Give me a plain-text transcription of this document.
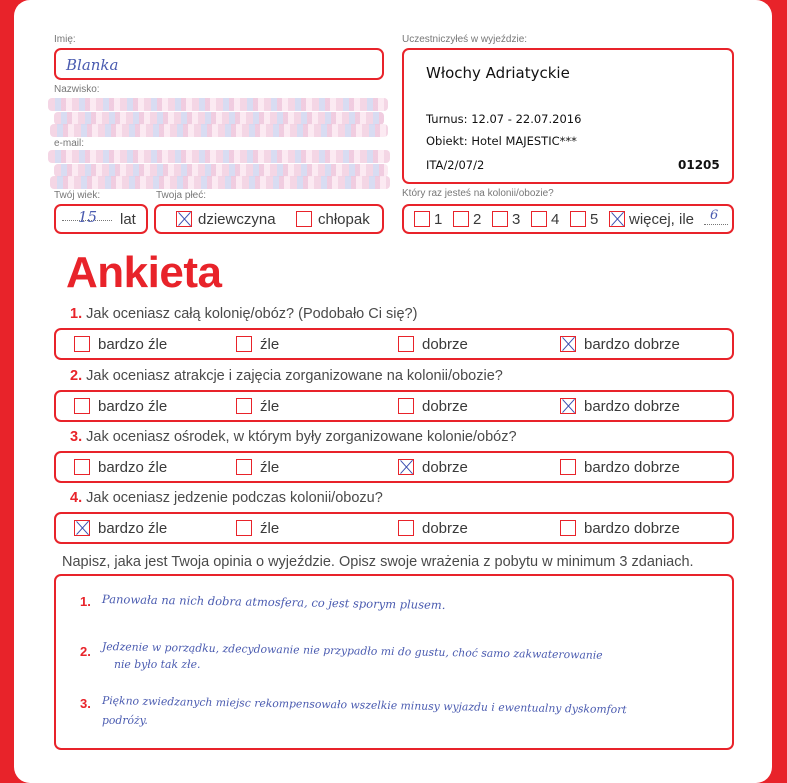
Imię:
Blanka
Nazwisko:
e-mail:
Twój wiek:
15 lat
Twoja płeć:
dziewczyna	chłopak
Uczestniczyłeś w wyjeździe:
Włochy Adriatyckie
Turnus: 12.07 - 22.07.2016
Obiekt: Hotel MAJESTIC***
ITA/2/07/2	01205
Który raz jesteś na kolonii/obozie?
1 2 3 4 5 więcej, ile 6
Ankieta
1. Jak oceniasz całą kolonię/obóz? (Podobało Ci się?)
bardzo źle	źle	dobrze	bardzo dobrze
2. Jak oceniasz atrakcje i zajęcia zorganizowane na kolonii/obozie?
bardzo źle	źle	dobrze	bardzo dobrze
3. Jak oceniasz ośrodek, w którym były zorganizowane kolonie/obóz?
bardzo źle	źle	dobrze	bardzo dobrze
4. Jak oceniasz jedzenie podczas kolonii/obozu?
bardzo źle	źle	dobrze	bardzo dobrze
Napisz, jaka jest Twoja opinia o wyjeździe. Opisz swoje wrażenia z pobytu w minimum 3 zdaniach.
1. Panowała na nich dobra atmosfera, co jest sporym plusem.
2. Jedzenie w porządku, zdecydowanie nie przypadło mi do gustu, choć samo zakwaterowanie
nie było tak złe.
3. Piękno zwiedzanych miejsc rekompensowało wszelkie minusy wyjazdu i ewentualny dyskomfort
podróży.
